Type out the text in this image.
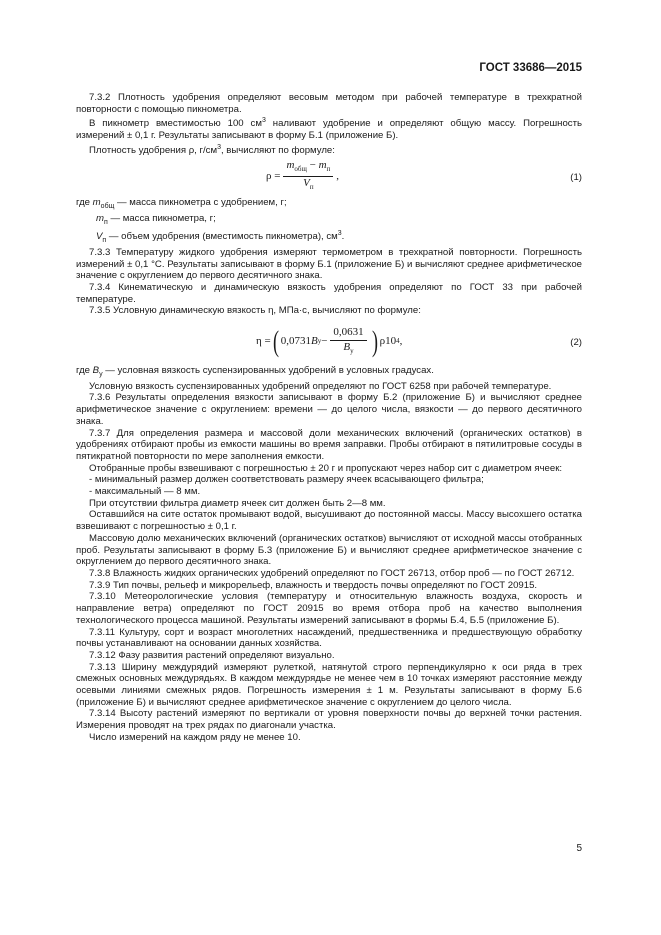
ГОСТ 33686—2015

7.3.2 Плотность удобрения определяют весовым методом при рабочей температуре в трехкратной повторности с помощью пикнометра.

В пикнометр вместимостью 100 $см^3$ наливают удобрение и определяют общую массу. Погрешность измерений ± 0,1 г. Результаты записывают в форму Б.1 (приложение Б).

Плотность удобрения ρ, $г/см^3$, вычисляют по формуле:

$\rho = \frac{m_{общ} - m_п}{V_п}$ ,	(1)

где $m_{общ}$ — масса пикнометра с удобрением, г;

$m_п$ — масса пикнометра, г;

$V_п$ — объем удобрения (вместимость пикнометра), $см^3$.

7.3.3 Температуру жидкого удобрения измеряют термометром в трехкратной повторности. Погрешность измерений ± 0,1 °С. Результаты записывают в форму Б.1 (приложение Б) и вычисляют среднее арифметическое значение с округлением до первого десятичного знака.

7.3.4 Кинематическую и динамическую вязкость удобрения определяют по ГОСТ 33 при рабочей температуре.

7.3.5 Условную динамическую вязкость η, МПа·с, вычисляют по формуле:

η = ( 0,0731 B $y - \frac{0,0631}{B_y}$ ) ρ10 4 ,	(2)

где $B_y$ — условная вязкость суспензированных удобрений в условных градусах.

Условную вязкость суспензированных удобрений определяют по ГОСТ 6258 при рабочей температуре.

7.3.6 Результаты определения вязкости записывают в форму Б.2 (приложение Б) и вычисляют среднее арифметическое значение с округлением: времени — до целого числа, вязкости — до первого десятичного знака.

7.3.7 Для определения размера и массовой доли механических включений (органических остатков) в удобрениях отбирают пробы из емкости машины во время заправки. Пробы отбирают в пятилитровые сосуды в пятикратной повторности по мере заполнения емкости.

Отобранные пробы взвешивают с погрешностью ± 20 г и пропускают через набор сит с диаметром ячеек:

- минимальный размер должен соответствовать размеру ячеек всасывающего фильтра;

- максимальный — 8 мм.

При отсутствии фильтра диаметр ячеек сит должен быть 2—8 мм.

Оставшийся на сите остаток промывают водой, высушивают до постоянной массы. Массу высохшего остатка взвешивают с погрешностью ± 0,1 г.

Массовую долю механических включений (органических остатков) вычисляют от исходной массы отобранных проб. Результаты записывают в форму Б.3 (приложение Б) и вычисляют среднее арифметическое значение с округлением до первого десятичного знака.

7.3.8 Влажность жидких органических удобрений определяют по ГОСТ 26713, отбор проб — по ГОСТ 26712.

7.3.9 Тип почвы, рельеф и микрорельеф, влажность и твердость почвы определяют по ГОСТ 20915.

7.3.10 Метеорологические условия (температуру и относительную влажность воздуха, скорость и направление ветра) определяют по ГОСТ 20915 во время отбора проб на качество выполнения технологического процесса машиной. Результаты измерений записывают в формы Б.4, Б.5 (приложение Б).

7.3.11 Культуру, сорт и возраст многолетних насаждений, предшественника и предшествующую обработку почвы устанавливают на основании данных хозяйства.

7.3.12 Фазу развития растений определяют визуально.

7.3.13 Ширину междурядий измеряют рулеткой, натянутой строго перпендикулярно к оси ряда в трех смежных основных междурядьях. В каждом междурядье не менее чем в 10 точках измеряют расстояние между осевыми линиями смежных рядов. Погрешность измерения ± 1 м. Результаты записывают в форму Б.6 (приложение Б) и вычисляют среднее арифметическое значение с округлением до целого числа.

7.3.14 Высоту растений измеряют по вертикали от уровня поверхности почвы до верхней точки растения. Измерения проводят на трех рядах по диагонали участка.

Число измерений на каждом ряду не менее 10.

5
